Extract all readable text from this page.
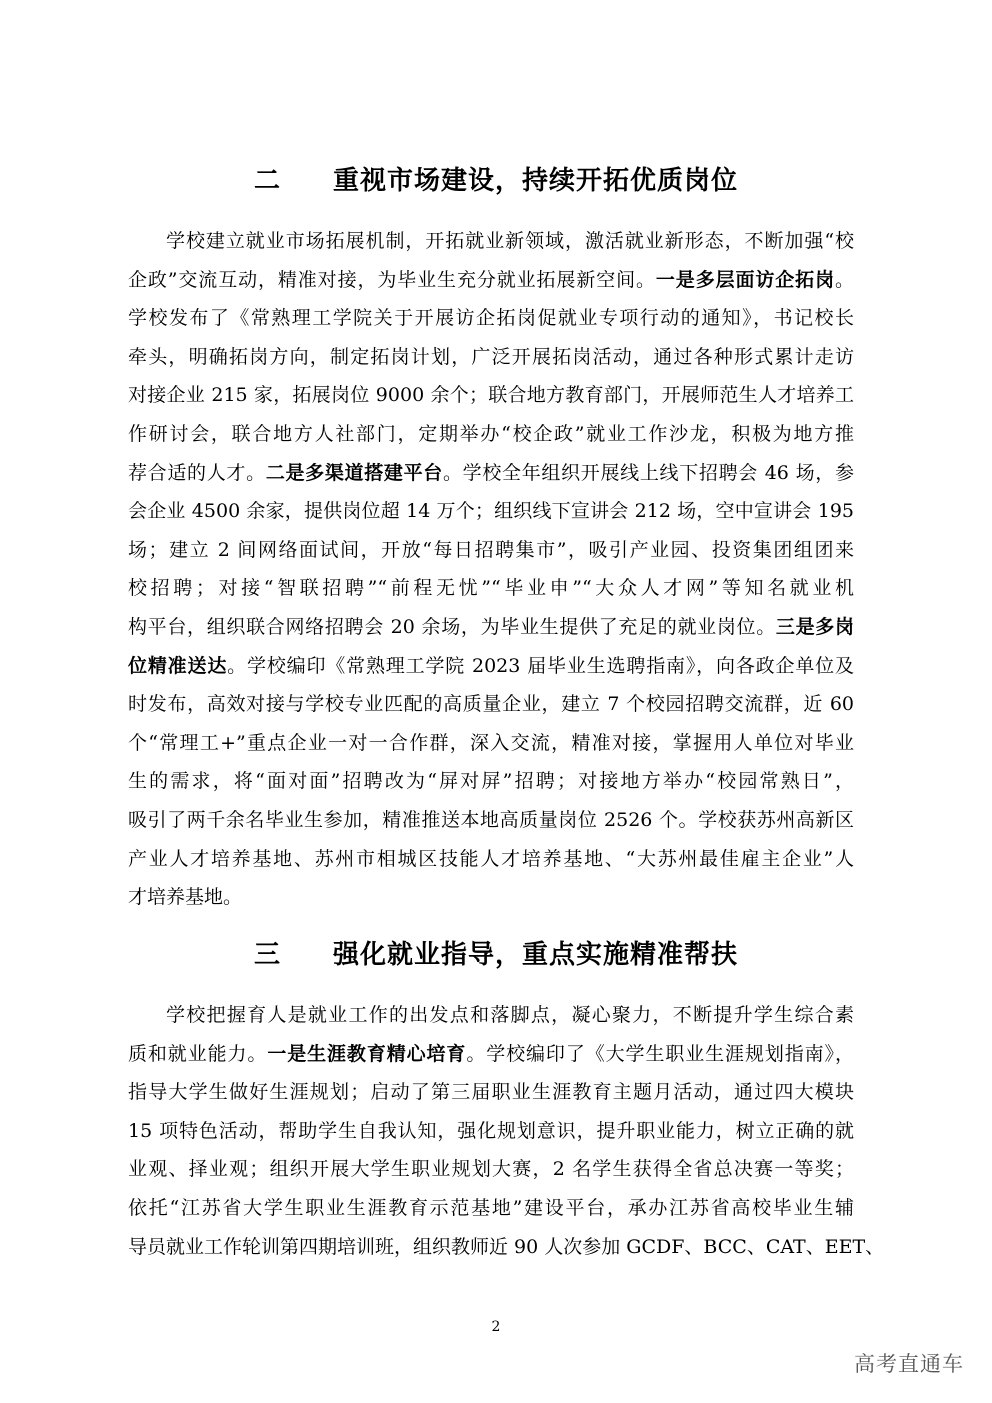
二 重视市场建设，持续开拓优质岗位
学校建立就业市场拓展机制，开拓就业新领域，激活就业新形态，不断加强“校
企政”交流互动，精准对接，为毕业生充分就业拓展新空间。一是多层面访企拓岗。
学校发布了《常熟理工学院关于开展访企拓岗促就业专项行动的通知》，书记校长
牵头，明确拓岗方向，制定拓岗计划，广泛开展拓岗活动，通过各种形式累计走访
对接企业 215 家，拓展岗位 9000 余个；联合地方教育部门，开展师范生人才培养工
作研讨会，联合地方人社部门，定期举办“校企政”就业工作沙龙，积极为地方推
荐合适的人才。二是多渠道搭建平台。学校全年组织开展线上线下招聘会 46 场，参
会企业 4500 余家，提供岗位超 14 万个；组织线下宣讲会 212 场，空中宣讲会 195
场；建立 2 间网络面试间，开放“每日招聘集市”，吸引产业园、投资集团组团来
校招聘；对接“智联招聘”“前程无忧”“毕业申”“大众人才网”等知名就业机
构平台，组织联合网络招聘会 20 余场，为毕业生提供了充足的就业岗位。三是多岗
位精准送达。学校编印《常熟理工学院 2023 届毕业生选聘指南》，向各政企单位及
时发布，高效对接与学校专业匹配的高质量企业，建立 7 个校园招聘交流群，近 60
个“常理工+”重点企业一对一合作群，深入交流，精准对接，掌握用人单位对毕业
生的需求，将“面对面”招聘改为“屏对屏”招聘；对接地方举办“校园常熟日”，
吸引了两千余名毕业生参加，精准推送本地高质量岗位 2526 个。学校获苏州高新区
产业人才培养基地、苏州市相城区技能人才培养基地、“大苏州最佳雇主企业”人
才培养基地。
三 强化就业指导，重点实施精准帮扶
学校把握育人是就业工作的出发点和落脚点，凝心聚力，不断提升学生综合素
质和就业能力。一是生涯教育精心培育。学校编印了《大学生职业生涯规划指南》，
指导大学生做好生涯规划；启动了第三届职业生涯教育主题月活动，通过四大模块
15 项特色活动，帮助学生自我认知，强化规划意识，提升职业能力，树立正确的就
业观、择业观；组织开展大学生职业规划大赛，2 名学生获得全省总决赛一等奖；
依托“江苏省大学生职业生涯教育示范基地”建设平台，承办江苏省高校毕业生辅
导员就业工作轮训第四期培训班，组织教师近 90 人次参加 GCDF、BCC、CAT、EET、
2
高考直通车
